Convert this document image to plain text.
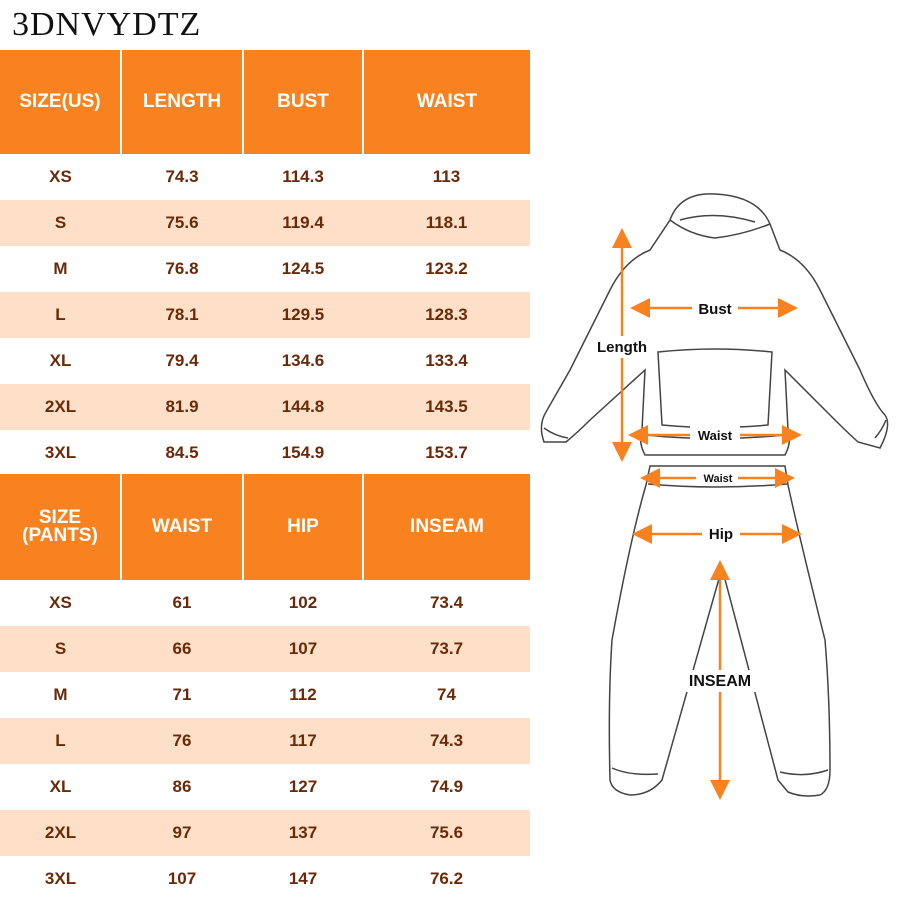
3DNVYDTZ
SIZE(US)	LENGTH	BUST	WAIST
XS	74.3	114.3	113
S	75.6	119.4	118.1
M	76.8	124.5	123.2
L	78.1	129.5	128.3
XL	79.4	134.6	133.4
2XL	81.9	144.8	143.5
3XL	84.5	154.9	153.7
SIZE
(PANTS)	WAIST	HIP	INSEAM
XS	61	102	73.4
S	66	107	73.7
M	71	112	74
L	76	117	74.3
XL	86	127	74.9
2XL	97	137	75.6
3XL	107	147	76.2
Bust
Length
Waist
Waist
Hip
INSEAM
